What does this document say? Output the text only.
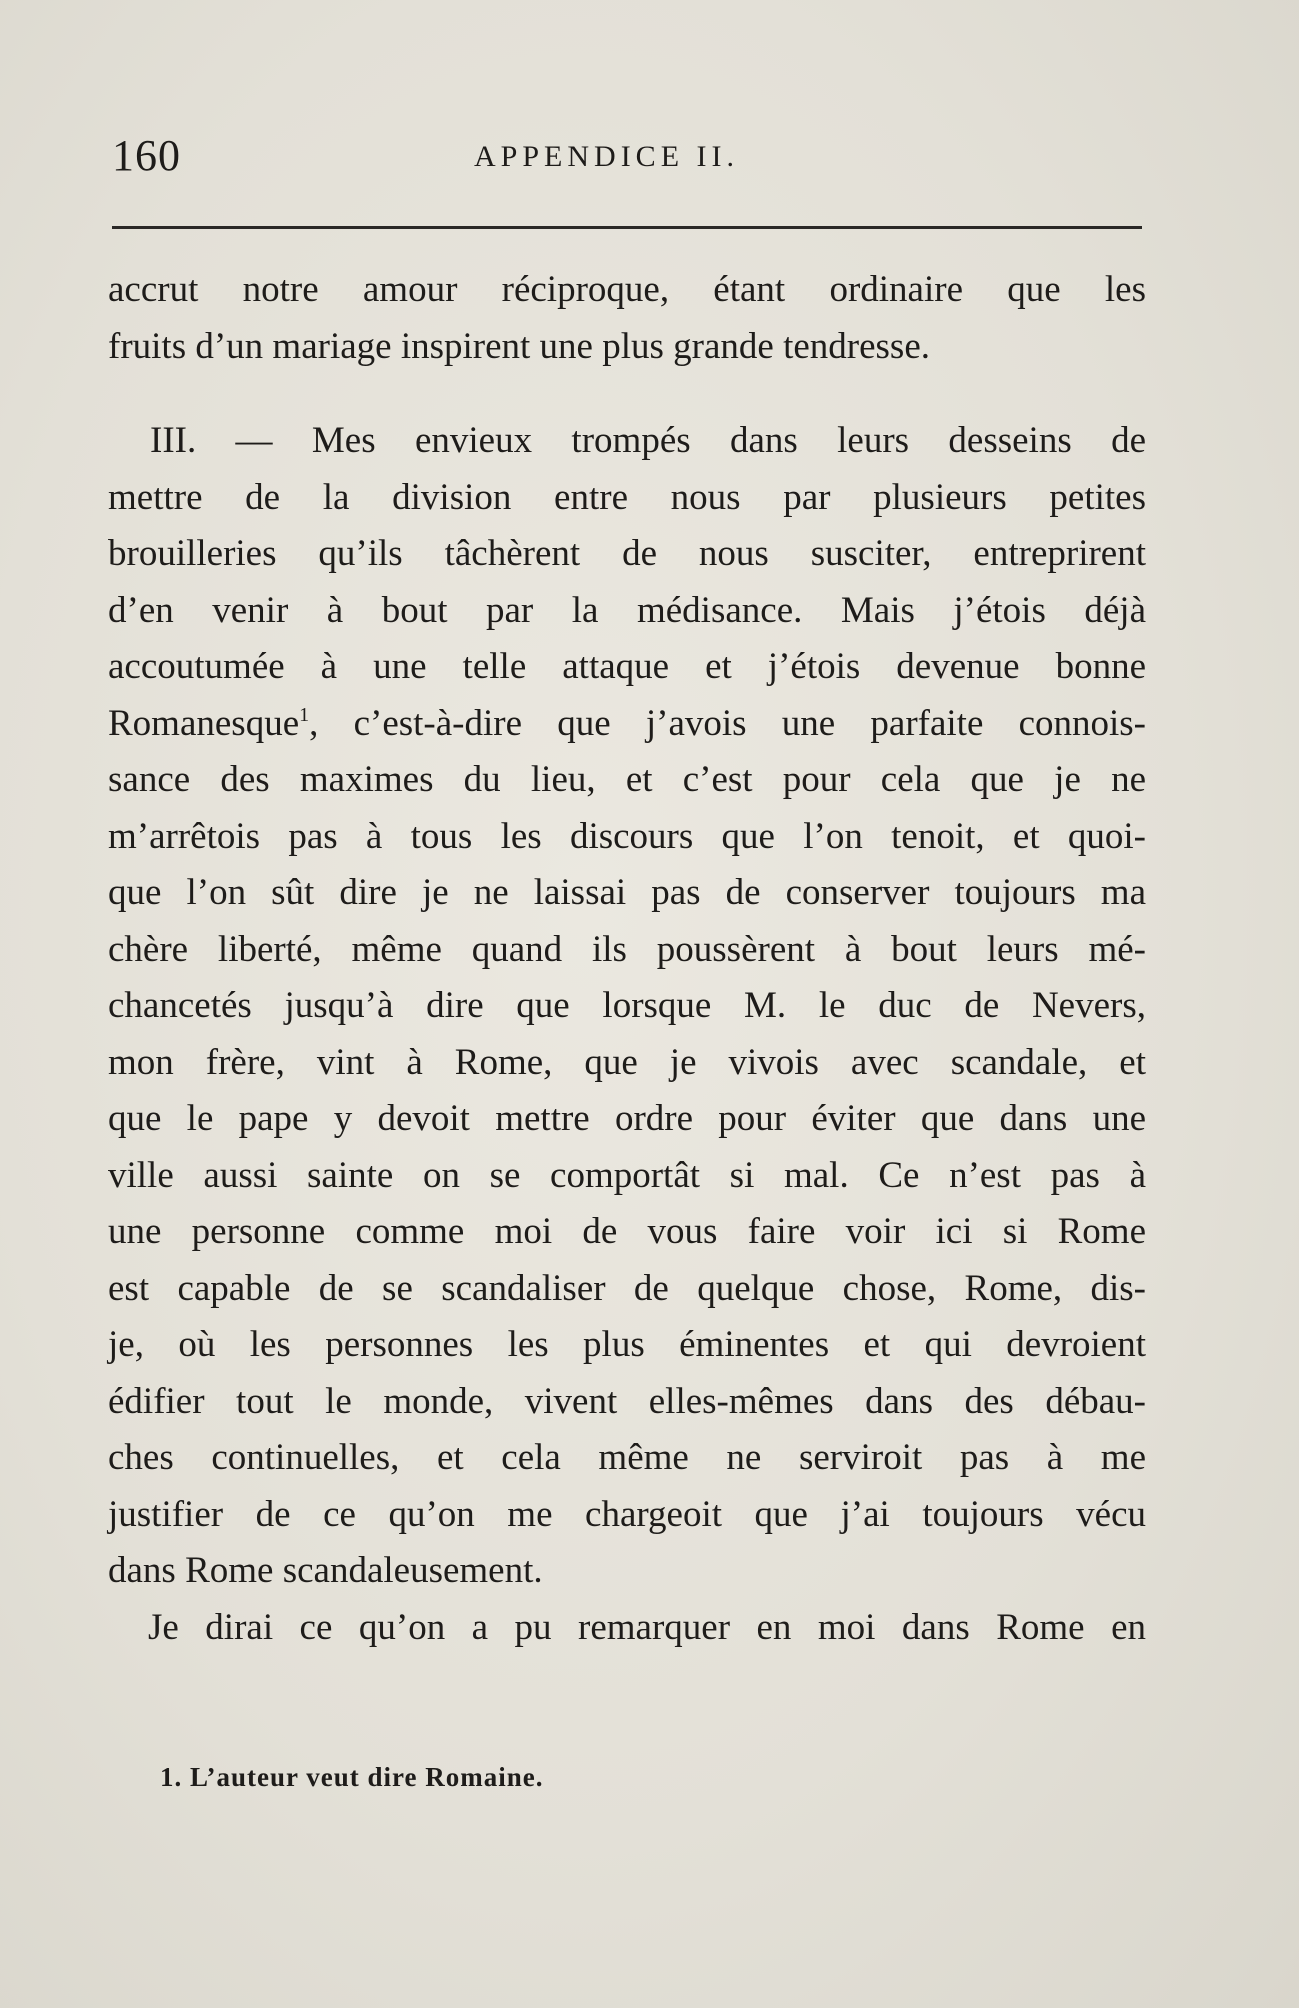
160	APPENDICE II.
accrut notre amour réciproque, étant ordinaire que les
fruits d’un mariage inspirent une plus grande tendresse.
III. — Mes envieux trompés dans leurs desseins de
mettre de la division entre nous par plusieurs petites
brouilleries qu’ils tâchèrent de nous susciter, entreprirent
d’en venir à bout par la médisance. Mais j’étois déjà
accoutumée à une telle attaque et j’étois devenue bonne
Romanesque$^1$, c’est-à-dire que j’avois une parfaite connois-
sance des maximes du lieu, et c’est pour cela que je ne
m’arrêtois pas à tous les discours que l’on tenoit, et quoi-
que l’on sût dire je ne laissai pas de conserver toujours ma
chère liberté, même quand ils poussèrent à bout leurs mé-
chancetés jusqu’à dire que lorsque M. le duc de Nevers,
mon frère, vint à Rome, que je vivois avec scandale, et
que le pape y devoit mettre ordre pour éviter que dans une
ville aussi sainte on se comportât si mal. Ce n’est pas à
une personne comme moi de vous faire voir ici si Rome
est capable de se scandaliser de quelque chose, Rome, dis-
je, où les personnes les plus éminentes et qui devroient
édifier tout le monde, vivent elles-mêmes dans des débau-
ches continuelles, et cela même ne serviroit pas à me
justifier de ce qu’on me chargeoit que j’ai toujours vécu
dans Rome scandaleusement.
Je dirai ce qu’on a pu remarquer en moi dans Rome en
1. L’auteur veut dire Romaine.
